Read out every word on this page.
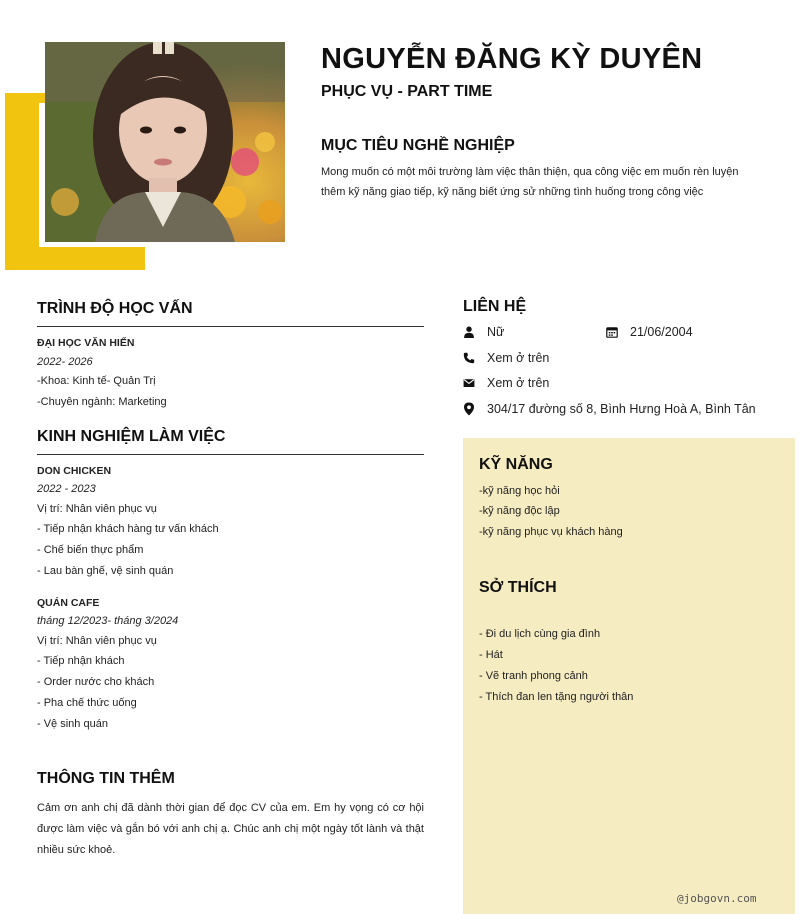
NGUYỄN ĐĂNG KỲ DUYÊN
PHỤC VỤ - PART TIME
MỤC TIÊU NGHỀ NGHIỆP
Mong muốn có một môi trường làm việc thân thiện, qua công việc em muốn rèn luyện thêm kỹ năng giao tiếp, kỹ năng biết ứng sử những tình huống trong công việc
TRÌNH ĐỘ HỌC VẤN
ĐẠI HỌC VĂN HIẾN
2022- 2026
-Khoa: Kinh tế- Quản Trị
-Chuyên ngành: Marketing
KINH NGHIỆM LÀM VIỆC
DON CHICKEN
2022 - 2023
Vị trí: Nhân viên phục vụ
- Tiếp nhận khách hàng tư vấn khách
- Chế biến thực phẩm
- Lau bàn ghế, vệ sinh quán
QUÁN CAFE
tháng 12/2023- tháng 3/2024
Vị trí: Nhân viên phục vụ
- Tiếp nhận khách
- Order nước cho khách
- Pha chế thức uống
- Vệ sinh quán
THÔNG TIN THÊM
Cảm ơn anh chị đã dành thời gian để đọc CV của em. Em hy vọng có cơ hội được làm việc và gắn bó với anh chị ạ. Chúc anh chị một ngày tốt lành và thật nhiều sức khoẻ.
LIÊN HỆ
Nữ	21/06/2004
Xem ở trên
Xem ở trên
304/17 đường số 8, Bình Hưng Hoà A, Bình Tân
KỸ NĂNG
-kỹ năng học hỏi
-kỹ năng độc lập
-kỹ năng phục vụ khách hàng
SỞ THÍCH
- Đi du lịch cùng gia đình
- Hát
- Vẽ tranh phong cảnh
- Thích đan len tặng người thân
@jobgovn.com
